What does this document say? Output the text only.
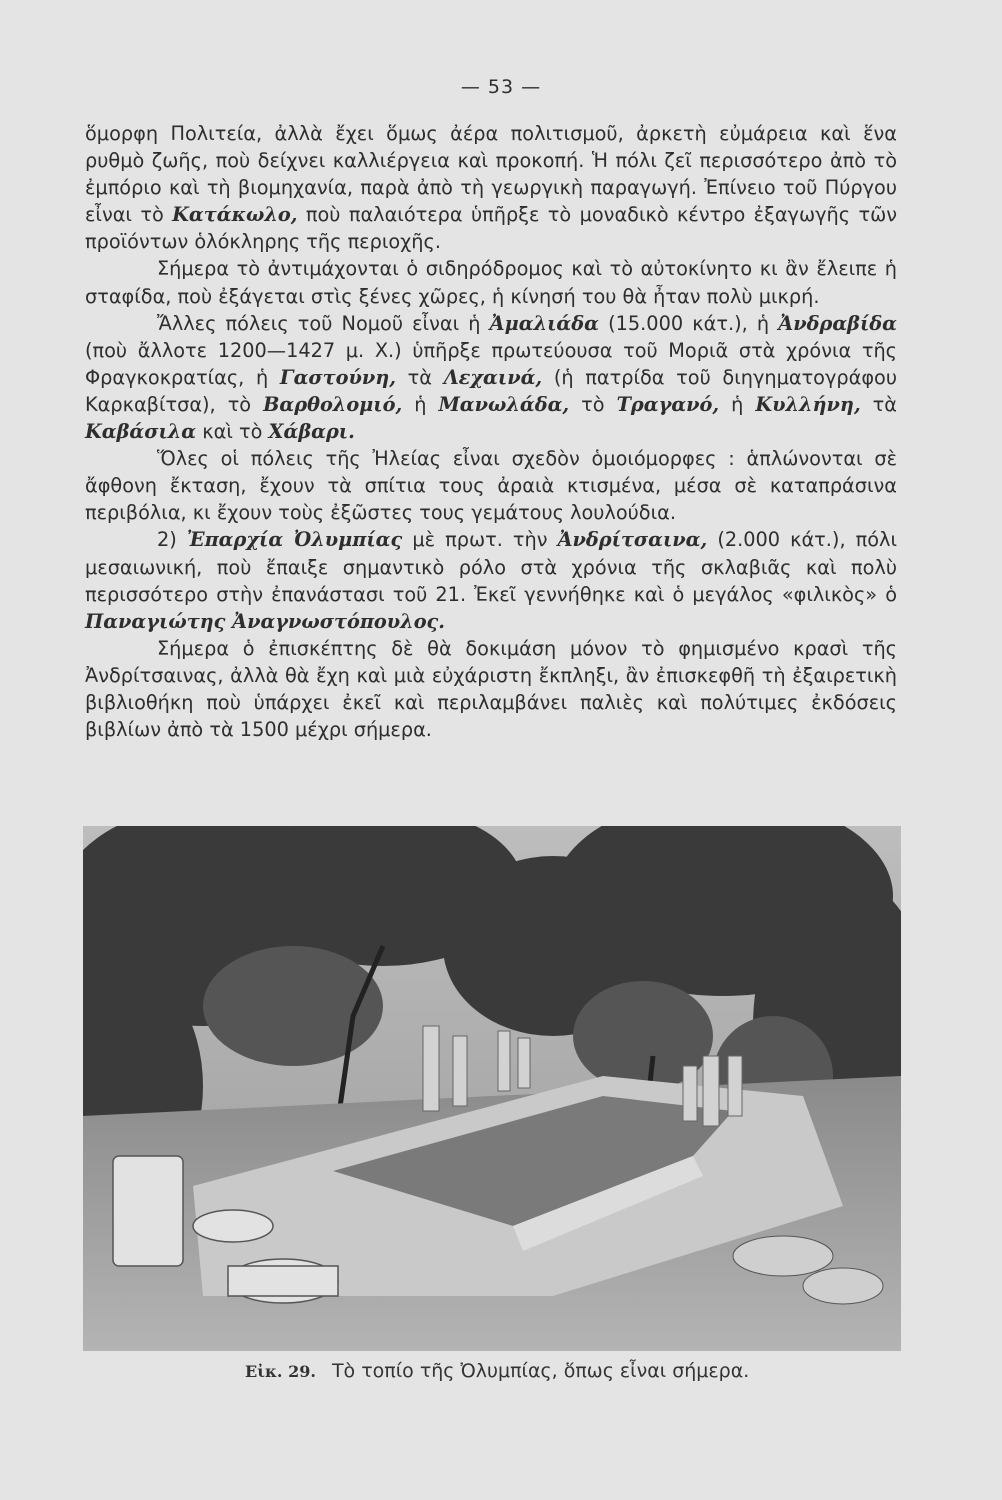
— 53 —

ὅμορφη Πολιτεία, ἀλλὰ ἔχει ὅμως ἀέρα πολιτισμοῦ, ἀρκετὴ εὐμάρεια καὶ ἕνα ρυθμὸ ζωῆς, ποὺ δείχνει καλλιέργεια καὶ προκοπή. Ἡ πόλι ζεῖ περισσότερο ἀπὸ τὸ ἐμπόριο καὶ τὴ βιομηχανία, παρὰ ἀπὸ τὴ γεωργικὴ παραγωγή. Ἐπίνειο τοῦ Πύργου εἶναι τὸ Κατάκωλο, ποὺ παλαιότερα ὑπῆρξε τὸ μοναδικὸ κέντρο ἐξαγωγῆς τῶν προϊόντων ὁλόκληρης τῆς περιοχῆς.

Σήμερα τὸ ἀντιμάχονται ὁ σιδηρόδρομος καὶ τὸ αὐτοκίνητο κι ἂν ἔλειπε ἡ σταφίδα, ποὺ ἐξάγεται στὶς ξένες χῶρες, ἡ κίνησή του θὰ ἦταν πολὺ μικρή.

Ἄλλες πόλεις τοῦ Νομοῦ εἶναι ἡ Ἀμαλιάδα (15.000 κάτ.), ἡ Ἀνδραβίδα (ποὺ ἄλλοτε 1200—1427 μ. Χ.) ὑπῆρξε πρωτεύουσα τοῦ Μοριᾶ στὰ χρόνια τῆς Φραγκοκρατίας, ἡ Γαστούνη, τὰ Λεχαινά, (ἡ πατρίδα τοῦ διηγηματογράφου Καρκαβίτσα), τὸ Βαρθολομιό, ἡ Μανωλάδα, τὸ Τραγανό, ἡ Κυλλήνη, τὰ Καβάσιλα καὶ τὸ Χάβαρι.

Ὅλες οἱ πόλεις τῆς Ἠλείας εἶναι σχεδὸν ὁμοιόμορφες : ἁπλώνονται σὲ ἄφθονη ἔκταση, ἔχουν τὰ σπίτια τους ἀραιὰ κτισμένα, μέσα σὲ καταπράσινα περιβόλια, κι ἔχουν τοὺς ἐξῶστες τους γεμάτους λουλούδια.

2) Ἐπαρχία Ὀλυμπίας μὲ πρωτ. τὴν Ἀνδρίτσαινα, (2.000 κάτ.), πόλι μεσαιωνική, ποὺ ἔπαιξε σημαντικὸ ρόλο στὰ χρόνια τῆς σκλαβιᾶς καὶ πολὺ περισσότερο στὴν ἐπανάστασι τοῦ 21. Ἐκεῖ γεννήθηκε καὶ ὁ μεγάλος «φιλικὸς» ὁ Παναγιώτης Ἀναγνωστόπουλος.

Σήμερα ὁ ἐπισκέπτης δὲ θὰ δοκιμάση μόνον τὸ φημισμένο κρασὶ τῆς Ἀνδρίτσαινας, ἀλλὰ θὰ ἔχη καὶ μιὰ εὐχάριστη ἔκπληξι, ἂν ἐπισκεφθῆ τὴ ἐξαιρετικὴ βιβλιοθήκη ποὺ ὑπάρχει ἐκεῖ καὶ περιλαμβάνει παλιὲς καὶ πολύτιμες ἐκδόσεις βιβλίων ἀπὸ τὰ 1500 μέχρι σήμερα.

Εἰκ. 29. Τὸ τοπίο τῆς Ὀλυμπίας, ὅπως εἶναι σήμερα.
